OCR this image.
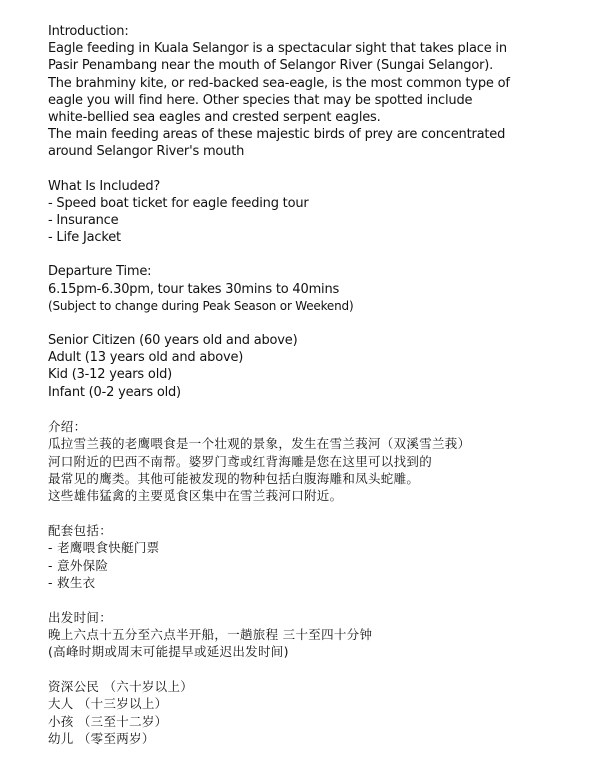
Introduction:
Eagle feeding in Kuala Selangor is a spectacular sight that takes place in
Pasir Penambang near the mouth of Selangor River (Sungai Selangor).
The brahminy kite, or red-backed sea-eagle, is the most common type of
eagle you will find here. Other species that may be spotted include
white-bellied sea eagles and crested serpent eagles.
The main feeding areas of these majestic birds of prey are concentrated
around Selangor River's mouth
What Is Included?
- Speed boat ticket for eagle feeding tour
- Insurance
- Life Jacket
Departure Time:
6.15pm-6.30pm, tour takes 30mins to 40mins
(Subject to change during Peak Season or Weekend)
Senior Citizen (60 years old and above)
Adult (13 years old and above)
Kid (3-12 years old)
Infant (0-2 years old)
介绍：
瓜拉雪兰莪的老鹰喂食是一个壮观的景象，发生在雪兰莪河（双溪雪兰莪）
河口附近的巴西不南帮。婆罗门鸢或红背海雕是您在这里可以找到的
最常见的鹰类。其他可能被发现的物种包括白腹海雕和凤头蛇雕。
这些雄伟猛禽的主要觅食区集中在雪兰莪河口附近。
配套包括：
- 老鹰喂食快艇门票
- 意外保险
- 救生衣
出发时间：
晚上六点十五分至六点半开船，一趟旅程 三十至四十分钟
(高峰时期或周末可能提早或延迟出发时间)
资深公民 （六十岁以上）
大人 （十三岁以上）
小孩 （三至十二岁）
幼儿 （零至两岁）
